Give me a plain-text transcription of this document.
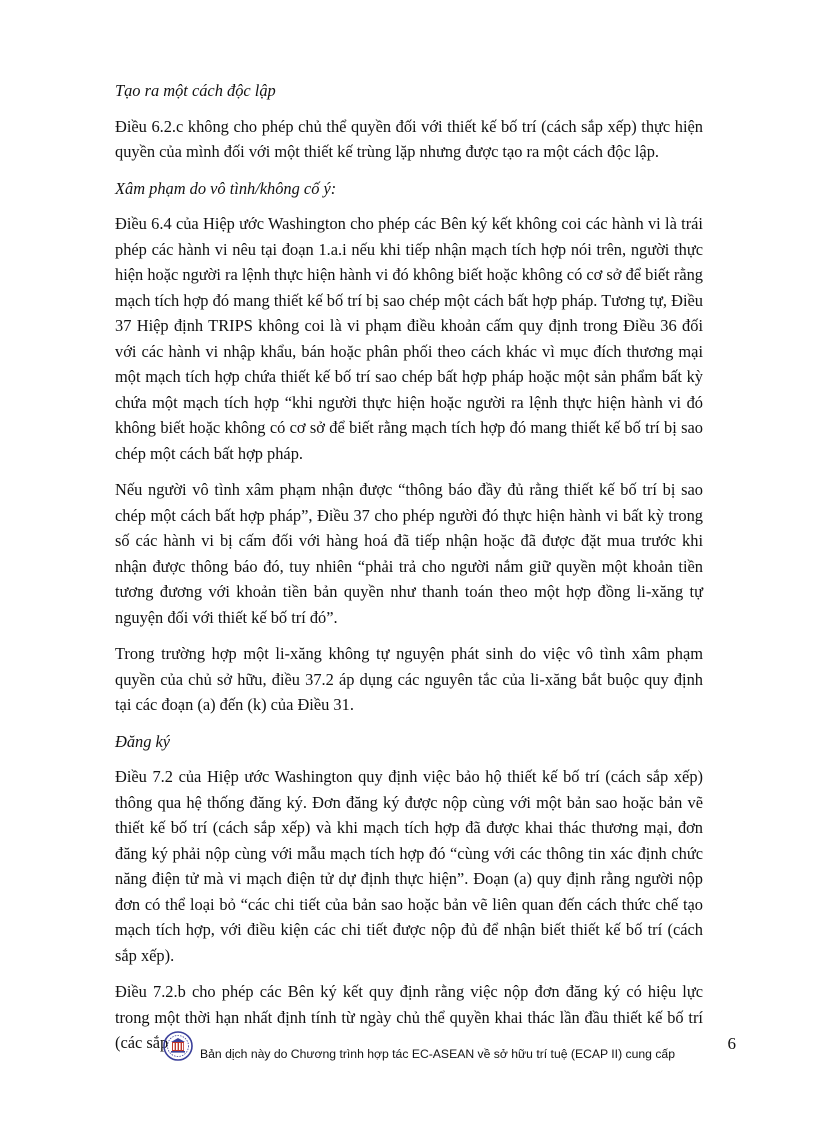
Tạo ra một cách độc lập
Điều 6.2.c không cho phép chủ thể quyền đối với thiết kế bố trí (cách sắp xếp) thực hiện quyền của mình đối với một thiết kế trùng lặp nhưng được tạo ra một cách độc lập.
Xâm phạm do vô tình/không cố ý:
Điều 6.4 của Hiệp ước Washington cho phép các Bên ký kết không coi các hành vi là trái phép các hành vi nêu tại đoạn 1.a.i nếu khi tiếp nhận mạch tích hợp nói trên, người thực hiện hoặc người ra lệnh thực hiện hành vi đó không biết hoặc không có cơ sở để biết rằng mạch tích hợp đó mang thiết kế bố trí bị sao chép một cách bất hợp pháp. Tương tự, Điều 37 Hiệp định TRIPS không coi là vi phạm điều khoản cấm quy định trong Điều 36 đối với các hành vi nhập khẩu, bán hoặc phân phối theo cách khác vì mục đích thương mại một mạch tích hợp chứa thiết kế bố trí sao chép bất hợp pháp hoặc một sản phẩm bất kỳ chứa một mạch tích hợp “khi người thực hiện hoặc người ra lệnh thực hiện hành vi đó không biết hoặc không có cơ sở để biết rằng mạch tích hợp đó mang thiết kế bố trí bị sao chép một cách bất hợp pháp.
Nếu người vô tình xâm phạm nhận được “thông báo đầy đủ rằng thiết kế bố trí bị sao chép một cách bất hợp pháp”, Điều 37 cho phép người đó thực hiện hành vi bất kỳ trong số các hành vi bị cấm đối với hàng hoá đã tiếp nhận hoặc đã được đặt mua trước khi nhận được thông báo đó, tuy nhiên “phải trả cho người nắm giữ quyền một khoản tiền tương đương với khoản tiền bản quyền như thanh toán theo một hợp đồng li-xăng tự nguyện đối với thiết kế bố trí đó”.
Trong trường hợp một li-xăng không tự nguyện phát sinh do việc vô tình xâm phạm quyền của chủ sở hữu, điều 37.2 áp dụng các nguyên tắc của li-xăng bắt buộc quy định tại các đoạn (a) đến (k) của Điều 31.
Đăng ký
Điều 7.2 của Hiệp ước Washington quy định việc bảo hộ thiết kế bố trí (cách sắp xếp) thông qua hệ thống đăng ký. Đơn đăng ký được nộp cùng với một bản sao hoặc bản vẽ thiết kế bố trí (cách sắp xếp) và khi mạch tích hợp đã được khai thác thương mại, đơn đăng ký phải nộp cùng với mẫu mạch tích hợp đó “cùng với các thông tin xác định chức năng điện tử mà vi mạch điện tử dự định thực hiện”. Đoạn (a) quy định rằng người nộp đơn có thể loại bỏ “các chi tiết của bản sao hoặc bản vẽ liên quan đến cách thức chế tạo mạch tích hợp, với điều kiện các chi tiết được nộp đủ để nhận biết thiết kế bố trí (cách sắp xếp).
Điều 7.2.b cho phép các Bên ký kết quy định rằng việc nộp đơn đăng ký có hiệu lực trong một thời hạn nhất định tính từ ngày chủ thể quyền khai thác lần đầu thiết kế bố trí (các sắp
Bản dịch này do Chương trình hợp tác EC-ASEAN về sở hữu trí tuệ (ECAP II) cung cấp
6
